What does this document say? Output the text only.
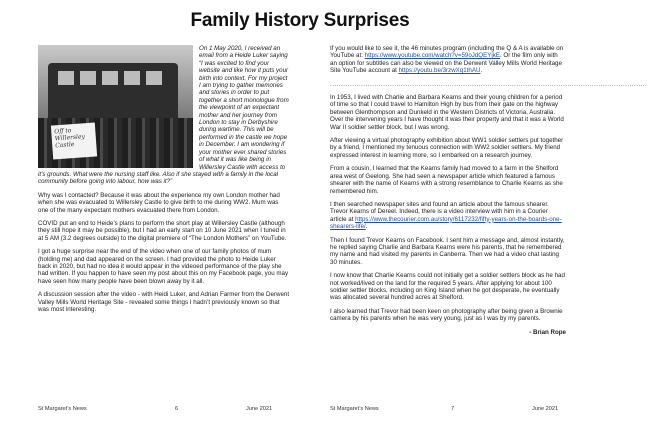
Family History Surprises
Off to Willersley Castle

On 1 May 2020, I received an email from a Heide Luker saying “I was excited to find your website and like how it puts your birth into context. For my project I am trying to gather memories and stories in order to put together a short monologue from the viewpoint of an expectant mother and her journey from London to stay in Derbyshire during wartime. This will be performed in the castle we hope in December. I am wondering if your mother ever shared stories of what it was like being in Willersley Castle with access to it’s grounds. What were the nursing staff like. Also if she stayed with a family in the local community before going into labour, how was it?”

Why was I contacted? Because it was about the experience my own London mother had when she was evacuated to Willersley Castle to give birth to me during WW2. Mum was one of the many expectant mothers evacuated there from London.

COVID put an end to Heide’s plans to perform the short play at Willersley Castle (although they still hope it may be possible), but I had an early start on 10 June 2021 when I tuned in at 5 AM (3.2 degrees outside) to the digital premiere of “The London Mothers” on YouTube.

I got a huge surprise near the end of the video when one of our family photos of mum (holding me) and dad appeared on the screen. I had provided the photo to Heide Luker back in 2020, but had no idea it would appear in the videoed performance of the play she had written. If you happen to have seen my post about this on my Facebook page, you may have seen how many people have been blown away by it all.

A discussion session after the video - with Heidi Luker, and Adrian Farmer from the Derwent Valley Mills World Heritage Site - revealed some things I hadn’t previously known so that was most interesting.

If you would like to see it, the 46 minutes program (including the Q & A is available on YouTube at: https://www.youtube.com/watch?v=59oJdQEYjkE. Or the film only with an option for subtitles can also be viewed on the Derwent Valley Mills World Heritage Site YouTube account at https://youtu.be/3rzwXq1thAU.

...............................................................................................................................................

In 1953, I lived with Charlie and Barbara Kearns and their young children for a period of time so that I could travel to Hamilton High by bus from their gate on the highway between Glenthompson and Dunkeld in the Western Districts of Victoria, Australia. Over the intervening years I have thought it was their property and that it was a World War II soldier settler block, but I was wrong.

After viewing a virtual photography exhibition about WW1 soldier settlers put together by a friend, I mentioned my tenuous connection with WW2 soldier settlers. My friend expressed interest in learning more, so I embarked on a research journey.

From a cousin, I learned that the Kearns family had moved to a farm in the Shelford area west of Geelong. She had seen a newspaper article which featured a famous shearer with the name of Kearns with a strong resemblance to Charlie Kearns as she remembered him.

I then searched newspaper sites and found an article about the famous shearer. Trevor Kearns of Dereel. Indeed, there is a video interview with him in a Courier article at https://www.thecourier.com.au/story/6117232/fifty-years-on-the-boards-one-shearers-life/.

Then I found Trevor Kearns on Facebook. I sent him a message and, almost instantly, he replied saying Charlie and Barbara Kearns were his parents, that he remembered my name and had visited my parents in Canberra. Then we had a video chat lasting 30 minutes.

I now know that Charlie Kearns could not initially get a soldier settlers block as he had not worked/lived on the land for the required 5 years. After applying for about 100 soldier settler blocks, including on King Island when he got desperate, he eventually was allocated several hundred acres at Shelford.

I also learned that Trevor had been keen on photography after being given a Brownie camera by his parents when he was very young, just as I was by my parents.

- Brian Rope
St Margaret’s News	6	June 2021	St Margaret’s News	7	June 2021
